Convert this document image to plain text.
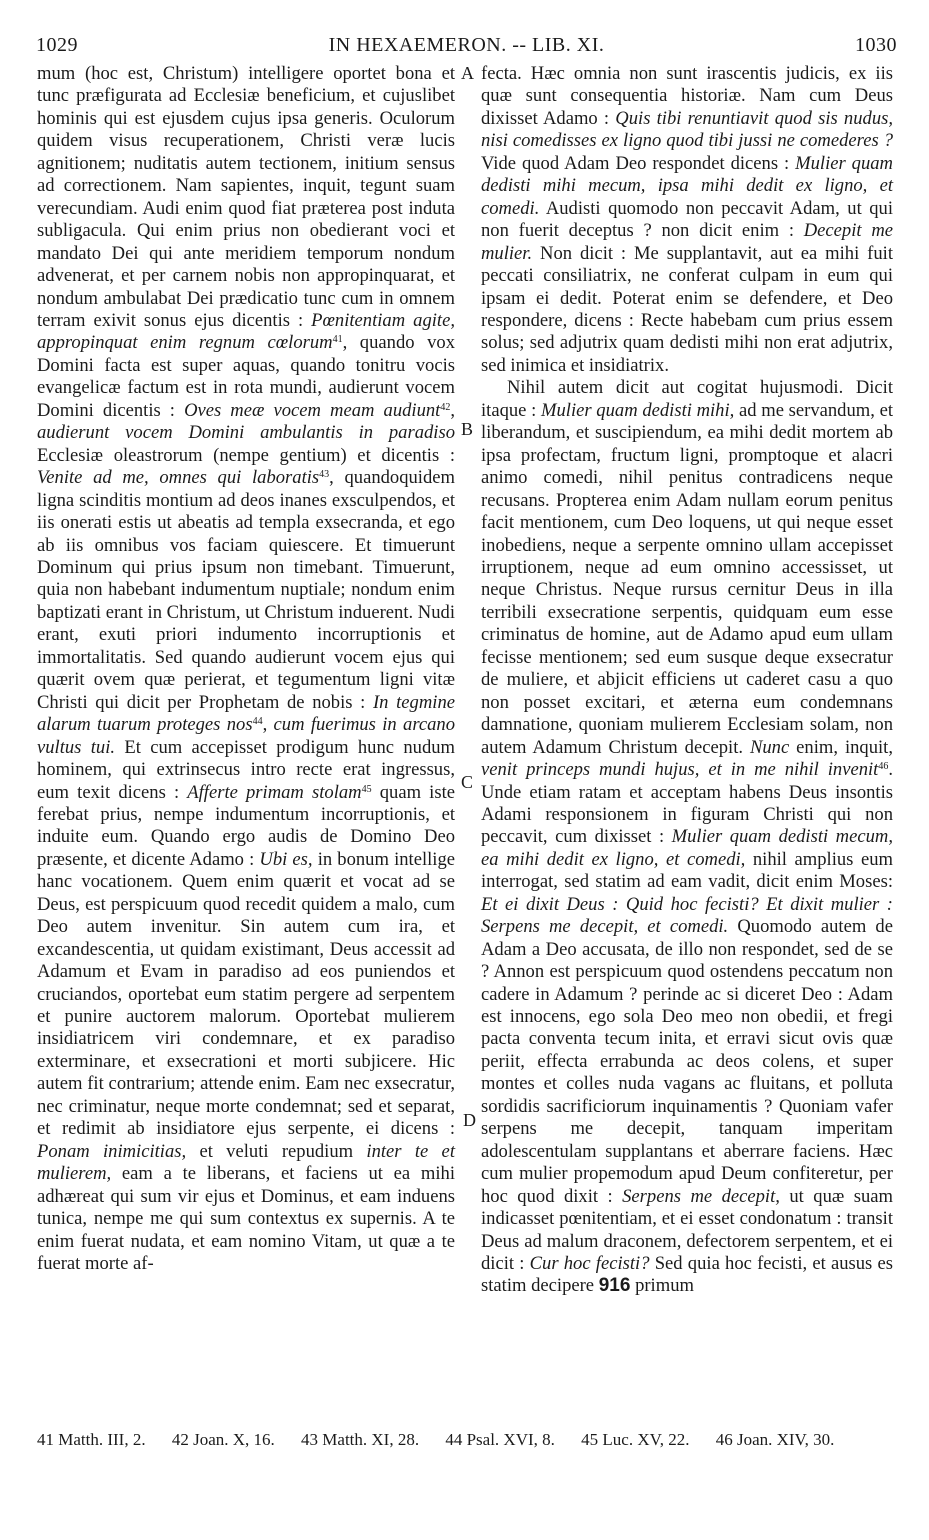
1029	IN HEXAEMERON. -- LIB. XI.	1030
A
B
C
D

mum (hoc est, Christum) intelligere oportet bona et tunc præfigurata ad Ecclesiæ beneficium, et cujuslibet hominis qui est ejusdem cujus ipsa generis. Oculorum quidem visus recuperationem, Christi veræ lucis agnitionem; nuditatis autem tectionem, initium sensus ad correctionem. Nam sapientes, inquit, tegunt suam verecundiam. Audi enim quod fiat præterea post induta subligacula. Qui enim prius non obedierant voci et mandato Dei qui ante meridiem temporum nondum advenerat, et per carnem nobis non appropinquarat, et nondum ambulabat Dei prædicatio tunc cum in omnem terram exivit sonus ejus dicentis : Pœnitentiam agite, appropinquat enim regnum cœlorum$^{41}$, quando vox Domini facta est super aquas, quando tonitru vocis evangelicæ factum est in rota mundi, audierunt vocem Domini dicentis : Oves meæ vocem meam audiunt$^{42}$, audierunt vocem Domini ambulantis in paradiso Ecclesiæ oleastrorum (nempe gentium) et dicentis : Venite ad me, omnes qui laboratis$^{43}$, quandoquidem ligna scinditis montium ad deos inanes exsculpendos, et iis onerati estis ut abeatis ad templa exsecranda, et ego ab iis omnibus vos faciam quiescere. Et timuerunt Dominum qui prius ipsum non timebant. Timuerunt, quia non habebant indumentum nuptiale; nondum enim baptizati erant in Christum, ut Christum induerent. Nudi erant, exuti priori indumento incorruptionis et immortalitatis. Sed quando audierunt vocem ejus qui quærit ovem quæ perierat, et tegumentum ligni vitæ Christi qui dicit per Prophetam de nobis : In tegmine alarum tuarum proteges nos$^{44}$, cum fuerimus in arcano vultus tui. Et cum accepisset prodigum hunc nudum hominem, qui extrinsecus intro recte erat ingressus, eum texit dicens : Afferte primam stolam$^{45}$ quam iste ferebat prius, nempe indumentum incorruptionis, et induite eum. Quando ergo audis de Domino Deo præsente, et dicente Adamo : Ubi es, in bonum intellige hanc vocationem. Quem enim quærit et vocat ad se Deus, est perspicuum quod recedit quidem a malo, cum Deo autem invenitur. Sin autem cum ira, et excandescentia, ut quidam existimant, Deus accessit ad Adamum et Evam in paradiso ad eos puniendos et cruciandos, oportebat eum statim pergere ad serpentem et punire auctorem malorum. Oportebat mulierem insidiatricem viri condemnare, et ex paradiso exterminare, et exsecrationi et morti subjicere. Hic autem fit contrarium; attende enim. Eam nec exsecratur, nec criminatur, neque morte condemnat; sed et separat, et redimit ab insidiatore ejus serpente, ei dicens : Ponam inimicitias, et veluti repudium inter te et mulierem, eam a te liberans, et faciens ut ea mihi adhæreat qui sum vir ejus et Dominus, et eam induens tunica, nempe me qui sum contextus ex supernis. A te enim fuerat nudata, et eam nomino Vitam, ut quæ a te fuerat morte af-

fecta. Hæc omnia non sunt irascentis judicis, ex iis quæ sunt consequentia historiæ. Nam cum Deus dixisset Adamo : Quis tibi renuntiavit quod sis nudus, nisi comedisses ex ligno quod tibi jussi ne comederes ? Vide quod Adam Deo respondet dicens : Mulier quam dedisti mihi mecum, ipsa mihi dedit ex ligno, et comedi. Audisti quomodo non peccavit Adam, ut qui non fuerit deceptus ? non dicit enim : Decepit me mulier. Non dicit : Me supplantavit, aut ea mihi fuit peccati consiliatrix, ne conferat culpam in eum qui ipsam ei dedit. Poterat enim se defendere, et Deo respondere, dicens : Recte habebam cum prius essem solus; sed adjutrix quam dedisti mihi non erat adjutrix, sed inimica et insidiatrix.

Nihil autem dicit aut cogitat hujusmodi. Dicit itaque : Mulier quam dedisti mihi, ad me servandum, et liberandum, et suscipiendum, ea mihi dedit mortem ab ipsa profectam, fructum ligni, promptoque et alacri animo comedi, nihil penitus contradicens neque recusans. Propterea enim Adam nullam eorum penitus facit mentionem, cum Deo loquens, ut qui neque esset inobediens, neque a serpente omnino ullam accepisset irruptionem, neque ad eum omnino accessisset, ut neque Christus. Neque rursus cernitur Deus in illa terribili exsecratione serpentis, quidquam eum esse criminatus de homine, aut de Adamo apud eum ullam fecisse mentionem; sed eum susque deque exsecratur de muliere, et abjicit efficiens ut caderet casu a quo non posset excitari, et æterna eum condemnans damnatione, quoniam mulierem Ecclesiam solam, non autem Adamum Christum decepit. Nunc enim, inquit, venit princeps mundi hujus, et in me nihil invenit$^{46}$. Unde etiam ratam et acceptam habens Deus insontis Adami responsionem in figuram Christi qui non peccavit, cum dixisset : Mulier quam dedisti mecum, ea mihi dedit ex ligno, et comedi, nihil amplius eum interrogat, sed statim ad eam vadit, dicit enim Moses: Et ei dixit Deus : Quid hoc fecisti? Et dixit mulier : Serpens me decepit, et comedi. Quomodo autem de Adam a Deo accusata, de illo non respondet, sed de se ? Annon est perspicuum quod ostendens peccatum non cadere in Adamum ? perinde ac si diceret Deo : Adam est innocens, ego sola Deo meo non obedii, et fregi pacta conventa tecum inita, et erravi sicut ovis quæ periit, effecta errabunda ac deos colens, et super montes et colles nuda vagans ac fluitans, et polluta sordidis sacrificiorum inquinamentis ? Quoniam vafer serpens me decepit, tanquam imperitam adolescentulam supplantans et aberrare faciens. Hæc cum mulier propemodum apud Deum confiteretur, per hoc quod dixit : Serpens me decepit, ut quæ suam indicasset pœnitentiam, et ei esset condonatum : transit Deus ad malum draconem, defectorem serpentem, et ei dicit : Cur hoc fecisti? Sed quia hoc fecisti, et ausus es statim decipere 916 primum

41 Matth. III, 2. 42 Joan. X, 16. 43 Matth. XI, 28. 44 Psal. XVI, 8. 45 Luc. XV, 22. 46 Joan. XIV, 30.
